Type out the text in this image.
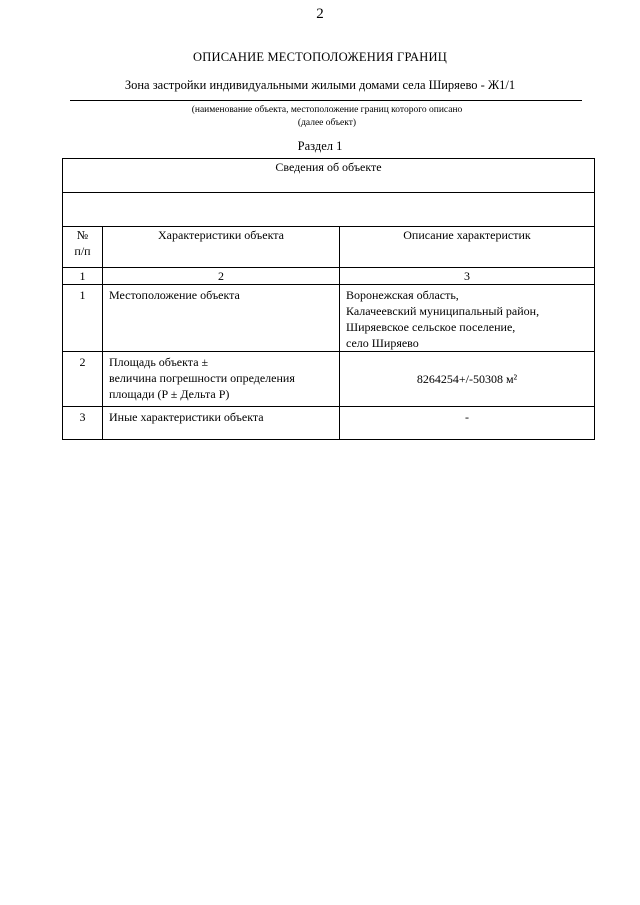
2
ОПИСАНИЕ МЕСТОПОЛОЖЕНИЯ ГРАНИЦ
Зона застройки индивидуальными жилыми домами села Ширяево - Ж1/1
(наименование объекта, местоположение границ которого описано
(далее объект)
Раздел 1
Сведения об объекте		

№
п/п	Характеристики объекта	Описание характеристик
1	2	3
1	Местоположение объекта	Воронежская область,
Калачеевский муниципальный район,
Ширяевское сельское поселение,
село Ширяево

2	Площадь объекта ±
величина погрешности определения
площади (P ± Дельта P)	8264254+/-50308 м²

3	Иные характеристики объекта	-
